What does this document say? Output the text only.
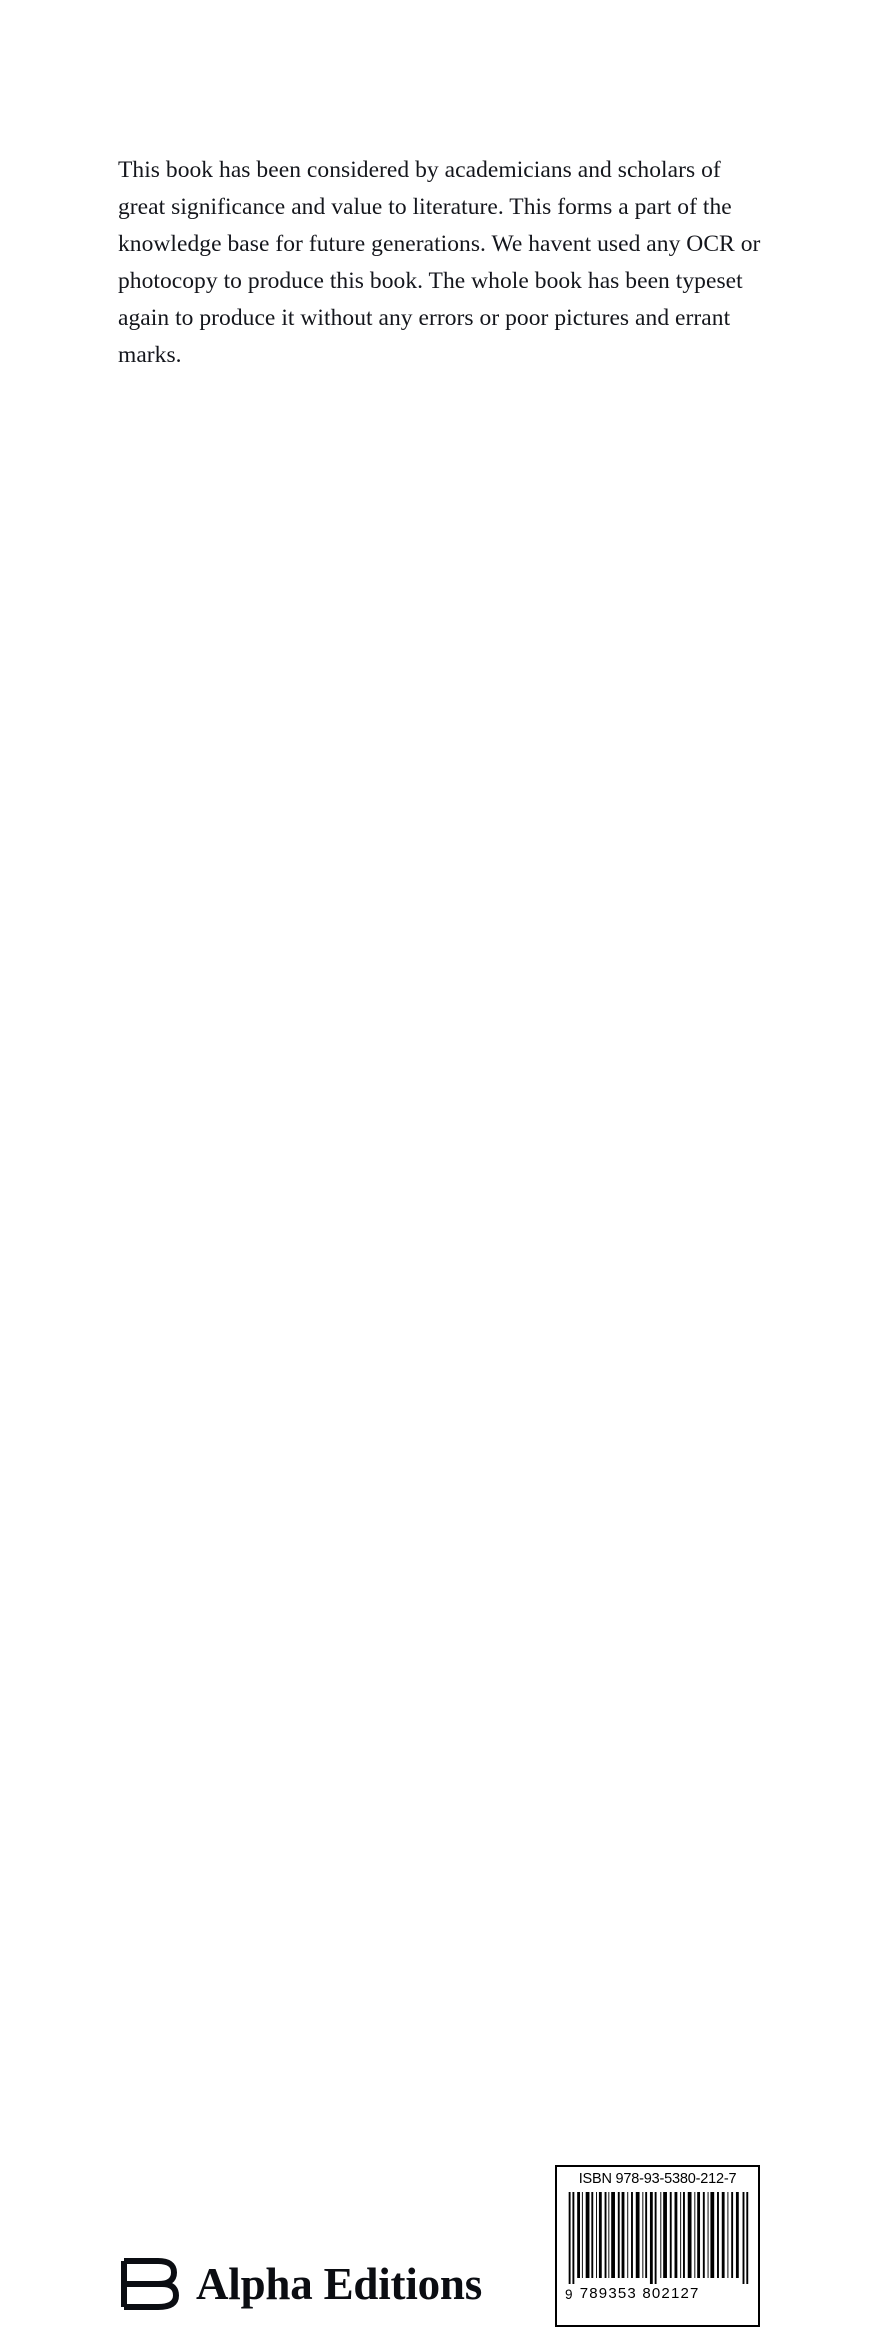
This book has been considered by academicians and scholars of great significance and value to literature. This forms a part of the knowledge base for future generations. We havent used any OCR or photocopy to produce this book. The whole book has been typeset again to produce it without any errors or poor pictures and errant marks.

Alpha Editions
ISBN 978-93-5380-212-7
9 789353 802127
